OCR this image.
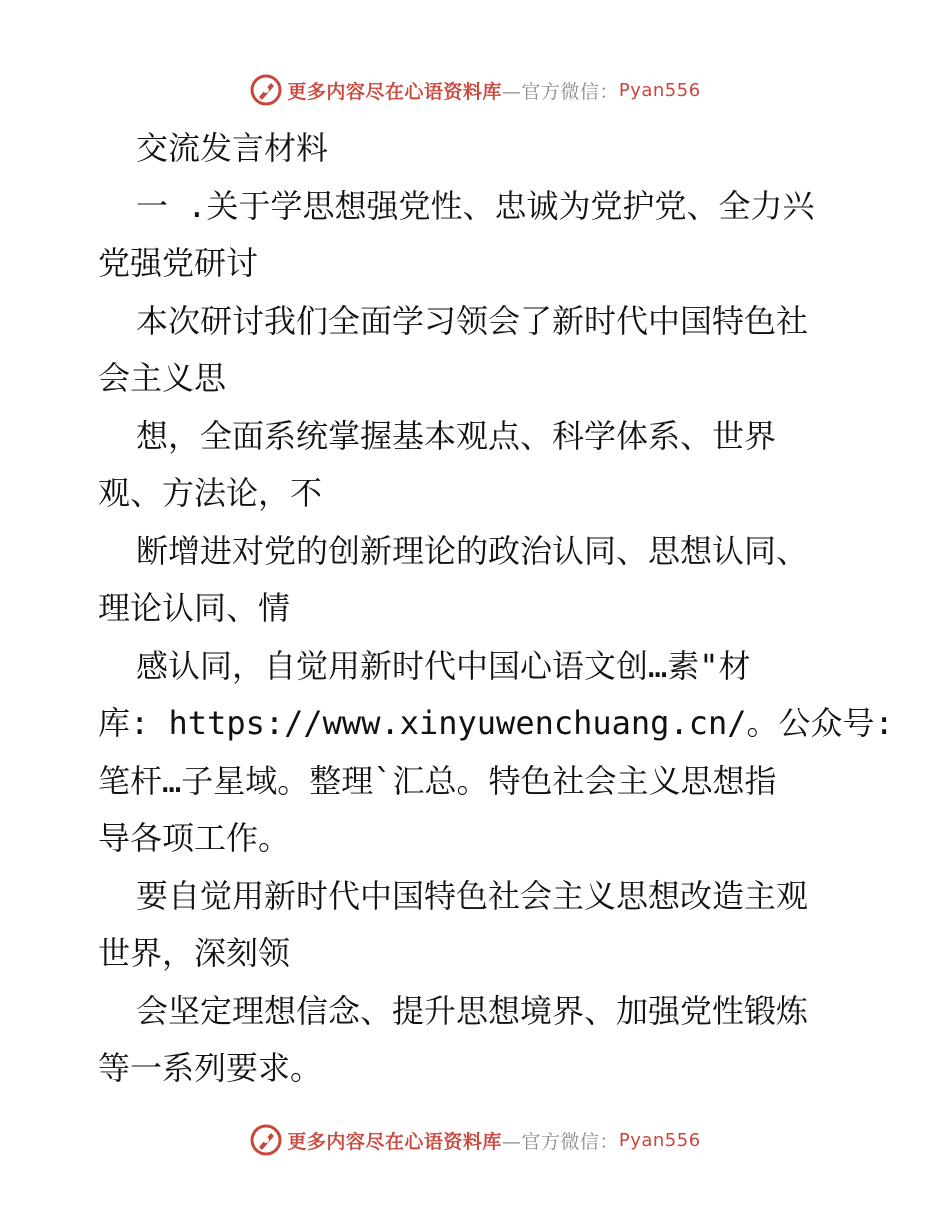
更多内容尽在心语资料库 —官方微信： Pyan556
交流发言材料
一 .关于学思想强党性、忠诚为党护党、全力兴
党强党研讨
本次研讨我们全面学习领会了新时代中国特色社
会主义思
想，全面系统掌握基本观点、科学体系、世界
观、方法论，不
断增进对党的创新理论的政治认同、思想认同、
理论认同、情
感认同，自觉用新时代中国心语文创…素"材
库: https://www.xinyuwenchuang.cn/。公众号:
笔杆…子星域。整理`汇总。特色社会主义思想指
导各项工作。
要自觉用新时代中国特色社会主义思想改造主观
世界，深刻领
会坚定理想信念、提升思想境界、加强党性锻炼
等一系列要求。
更多内容尽在心语资料库 —官方微信： Pyan556
